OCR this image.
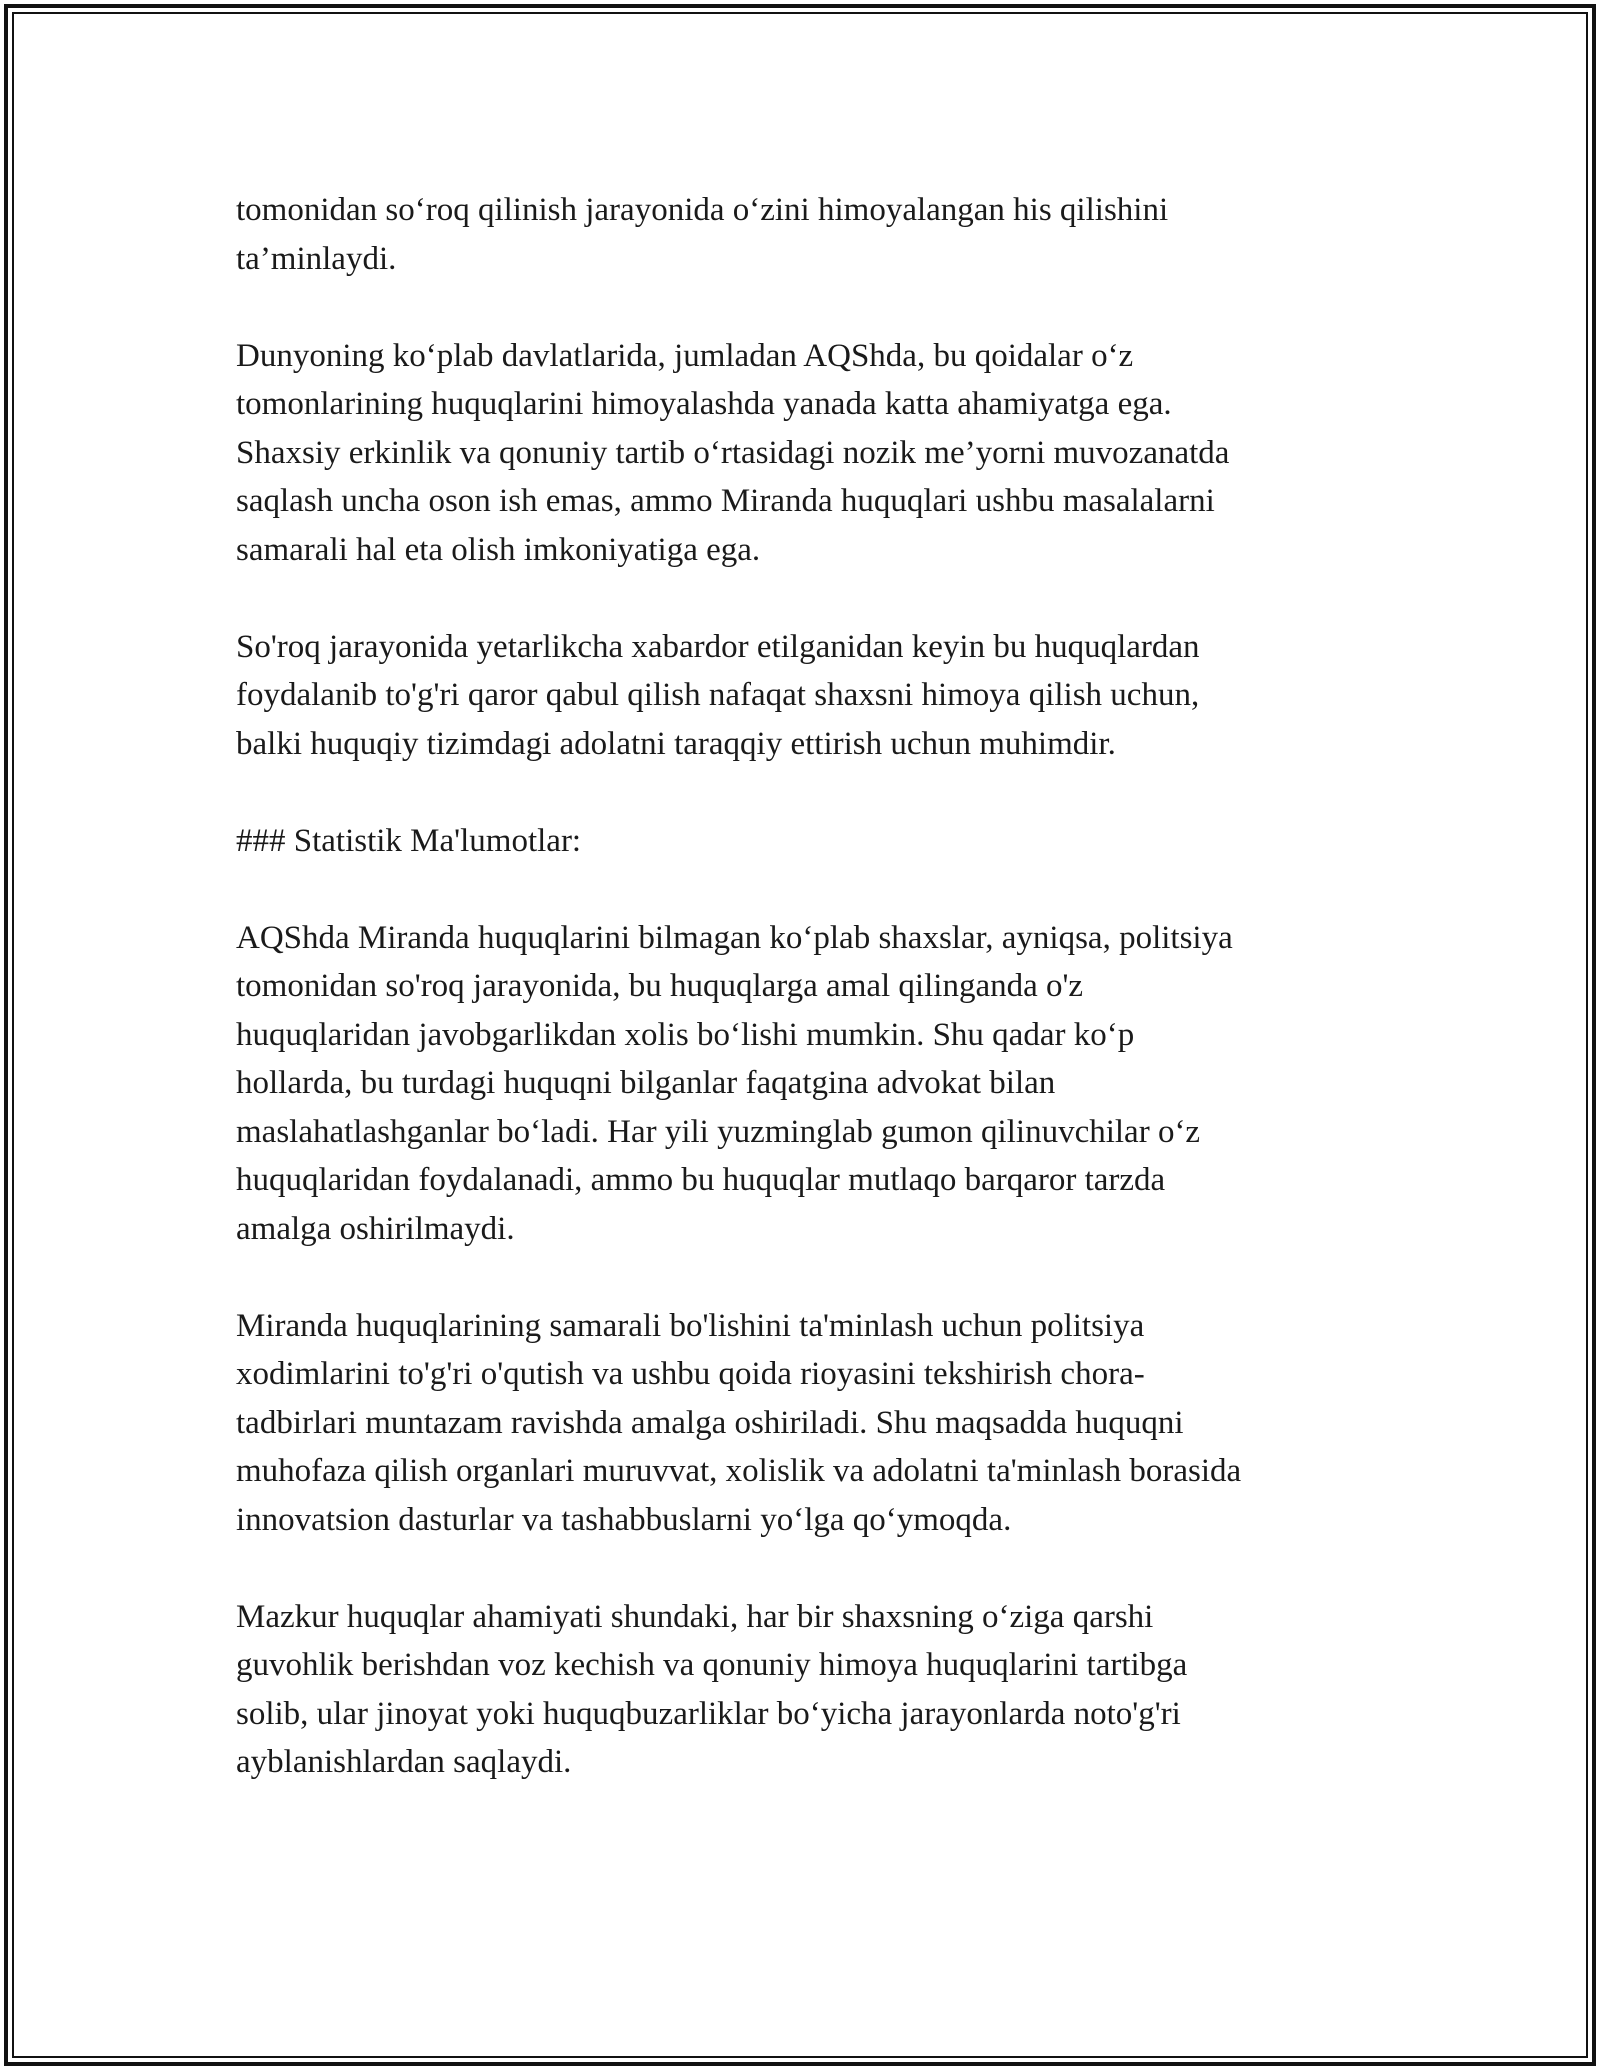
tomonidan so‘roq qilinish jarayonida o‘zini himoyalangan his qilishini
ta’minlaydi.

Dunyoning ko‘plab davlatlarida, jumladan AQShda, bu qoidalar o‘z
tomonlarining huquqlarini himoyalashda yanada katta ahamiyatga ega.
Shaxsiy erkinlik va qonuniy tartib o‘rtasidagi nozik me’yorni muvozanatda
saqlash uncha oson ish emas, ammo Miranda huquqlari ushbu masalalarni
samarali hal eta olish imkoniyatiga ega.

So'roq jarayonida yetarlikcha xabardor etilganidan keyin bu huquqlardan
foydalanib to'g'ri qaror qabul qilish nafaqat shaxsni himoya qilish uchun,
balki huquqiy tizimdagi adolatni taraqqiy ettirish uchun muhimdir.

### Statistik Ma'lumotlar:

AQShda Miranda huquqlarini bilmagan ko‘plab shaxslar, ayniqsa, politsiya
tomonidan so'roq jarayonida, bu huquqlarga amal qilinganda o'z
huquqlaridan javobgarlikdan xolis bo‘lishi mumkin. Shu qadar ko‘p
hollarda, bu turdagi huquqni bilganlar faqatgina advokat bilan
maslahatlashganlar bo‘ladi. Har yili yuzminglab gumon qilinuvchilar o‘z
huquqlaridan foydalanadi, ammo bu huquqlar mutlaqo barqaror tarzda
amalga oshirilmaydi.

Miranda huquqlarining samarali bo'lishini ta'minlash uchun politsiya
xodimlarini to'g'ri o'qutish va ushbu qoida rioyasini tekshirish chora-
tadbirlari muntazam ravishda amalga oshiriladi. Shu maqsadda huquqni
muhofaza qilish organlari muruvvat, xolislik va adolatni ta'minlash borasida
innovatsion dasturlar va tashabbuslarni yo‘lga qo‘ymoqda.

Mazkur huquqlar ahamiyati shundaki, har bir shaxsning o‘ziga qarshi
guvohlik berishdan voz kechish va qonuniy himoya huquqlarini tartibga
solib, ular jinoyat yoki huquqbuzarliklar bo‘yicha jarayonlarda noto'g'ri
ayblanishlardan saqlaydi.
